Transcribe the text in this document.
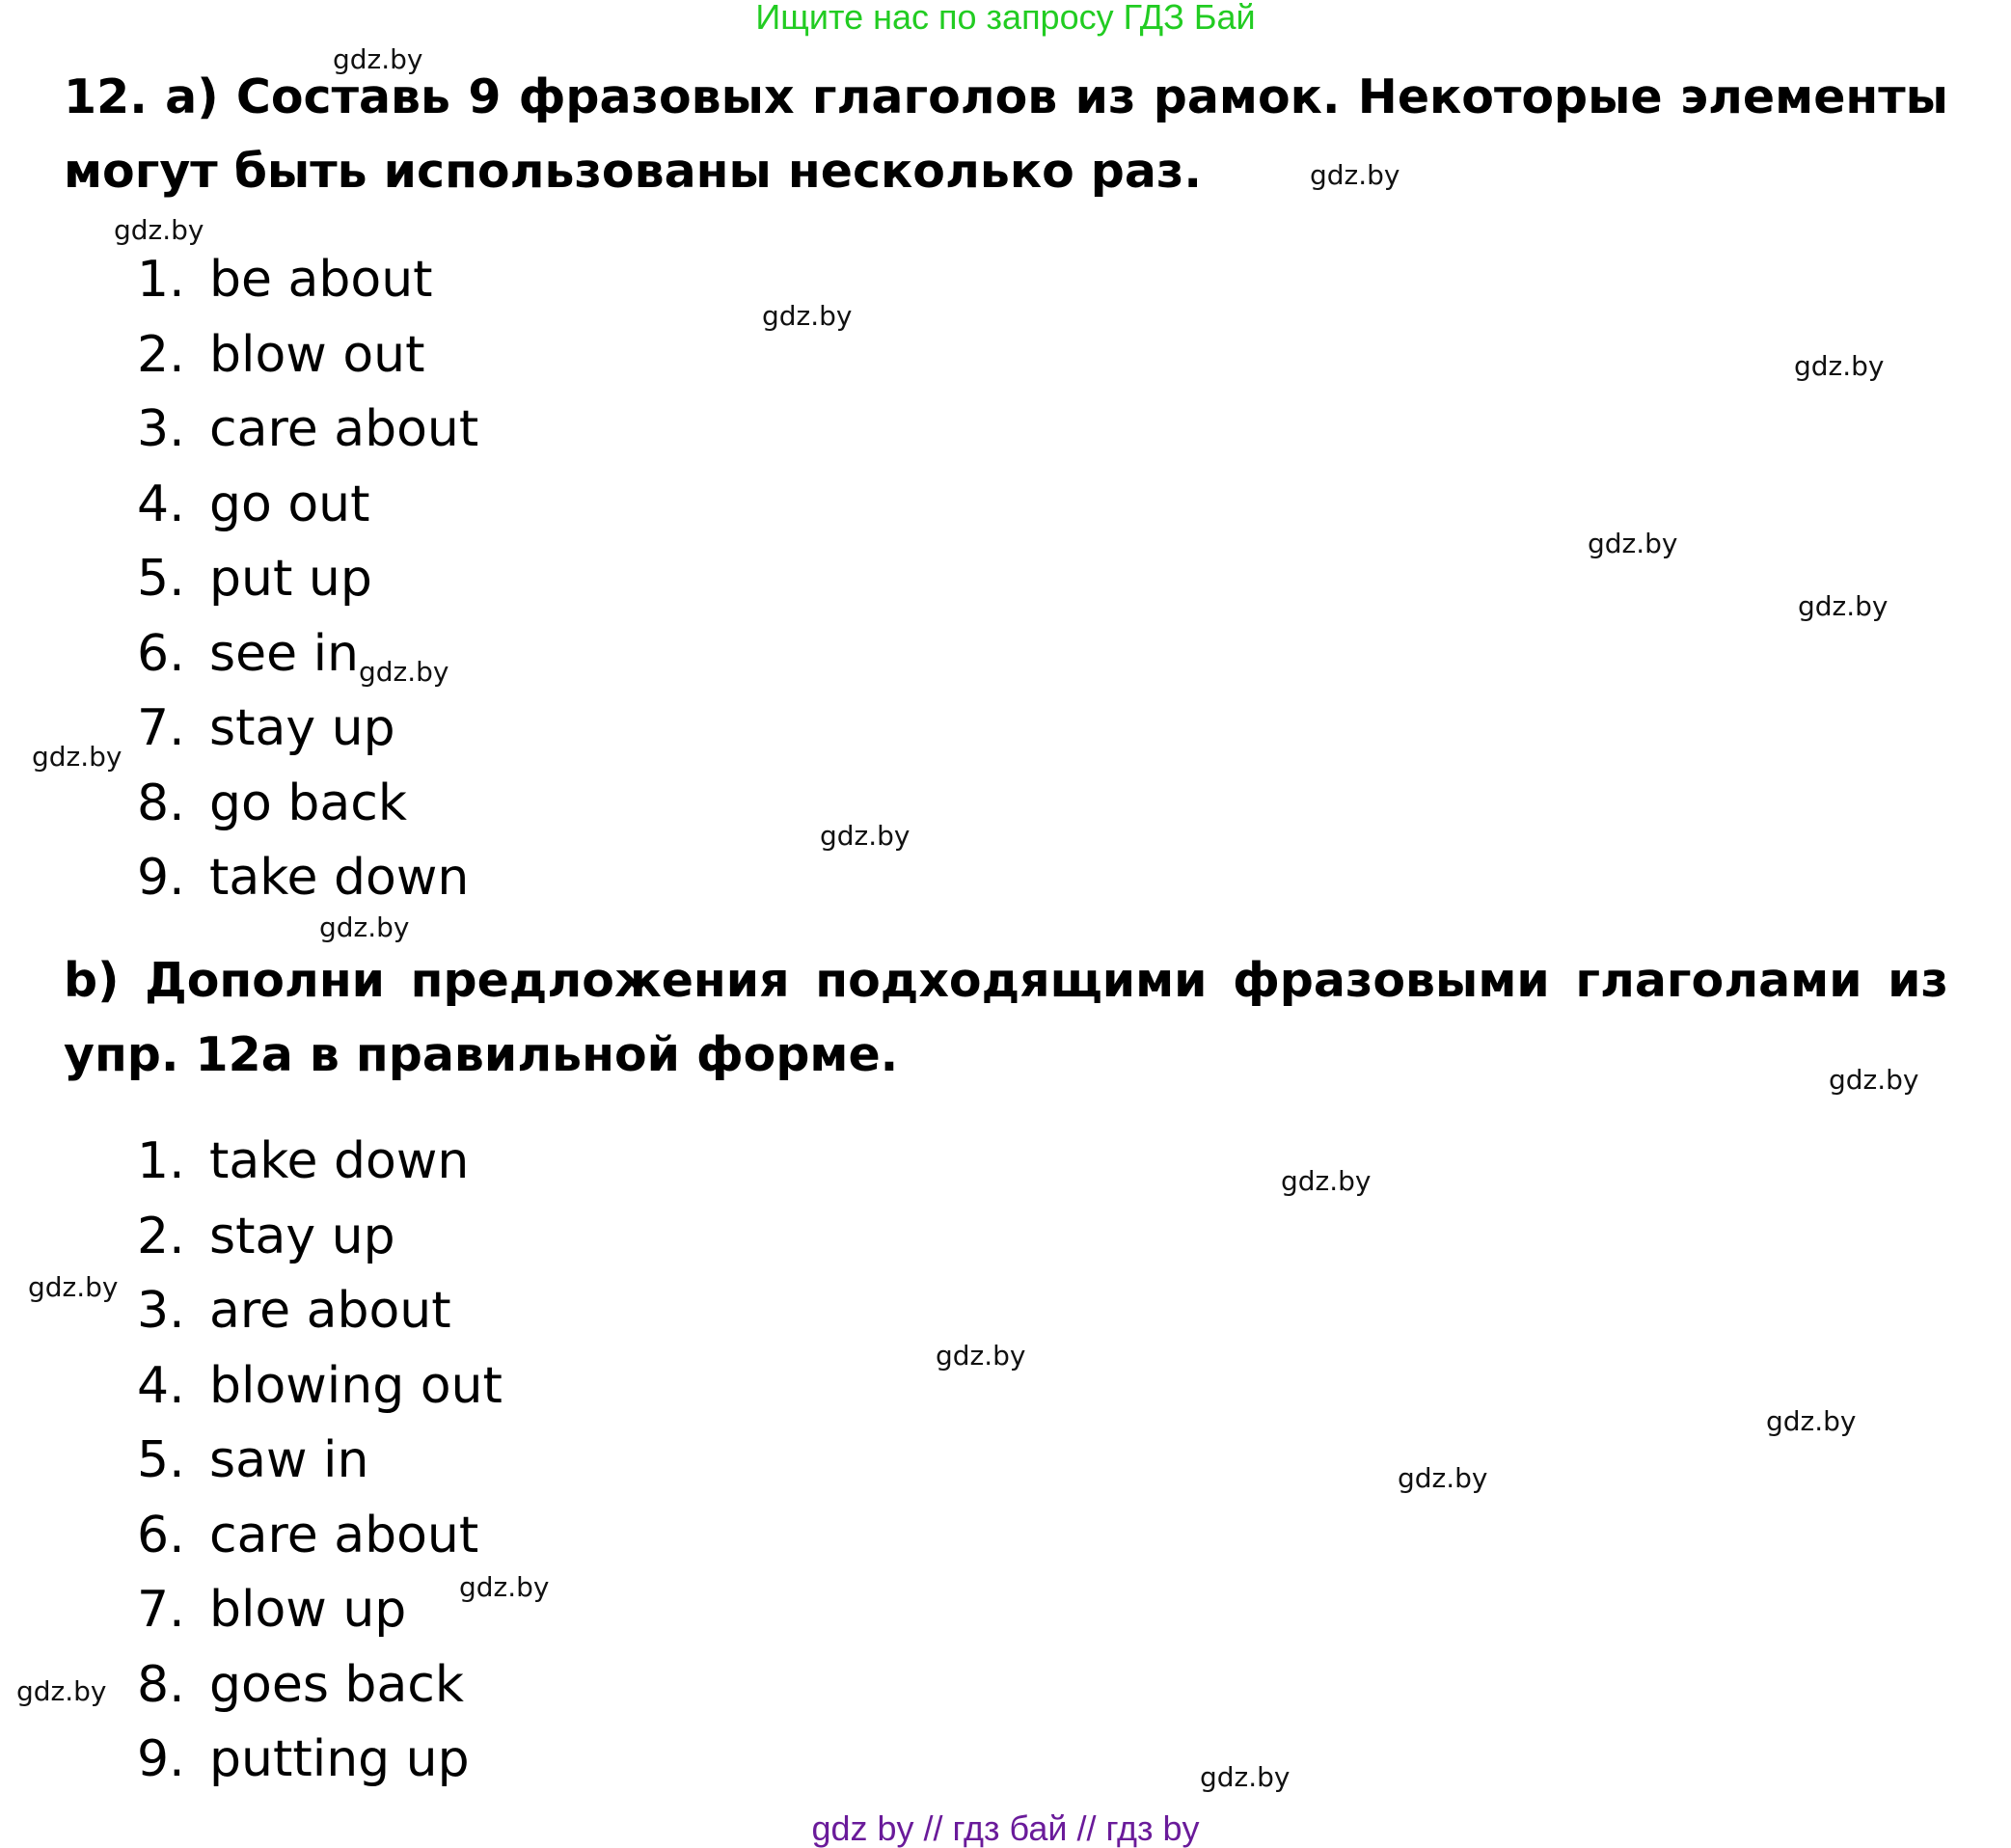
Ищите нас по запросу ГДЗ Бай
12. а) Составь 9 фразовых глаголов из рамок. Некоторые элементы могут быть использованы несколько раз.
1. be about
2. blow out
3. care about
4. go out
5. put up
6. see in
7. stay up
8. go back
9. take down
b) Дополни предложения подходящими фразовыми глаголами из упр. 12а в правильной форме.
1. take down
2. stay up
3. are about
4. blowing out
5. saw in
6. care about
7. blow up
8. goes back
9. putting up
gdz.by
gdz.by
gdz.by
gdz.by
gdz.by
gdz.by
gdz.by
gdz.by
gdz.by
gdz.by
gdz.by
gdz.by
gdz.by
gdz.by
gdz.by
gdz.by
gdz.by
gdz.by
gdz.by
gdz.by
gdz by // гдз бай // гдз by
